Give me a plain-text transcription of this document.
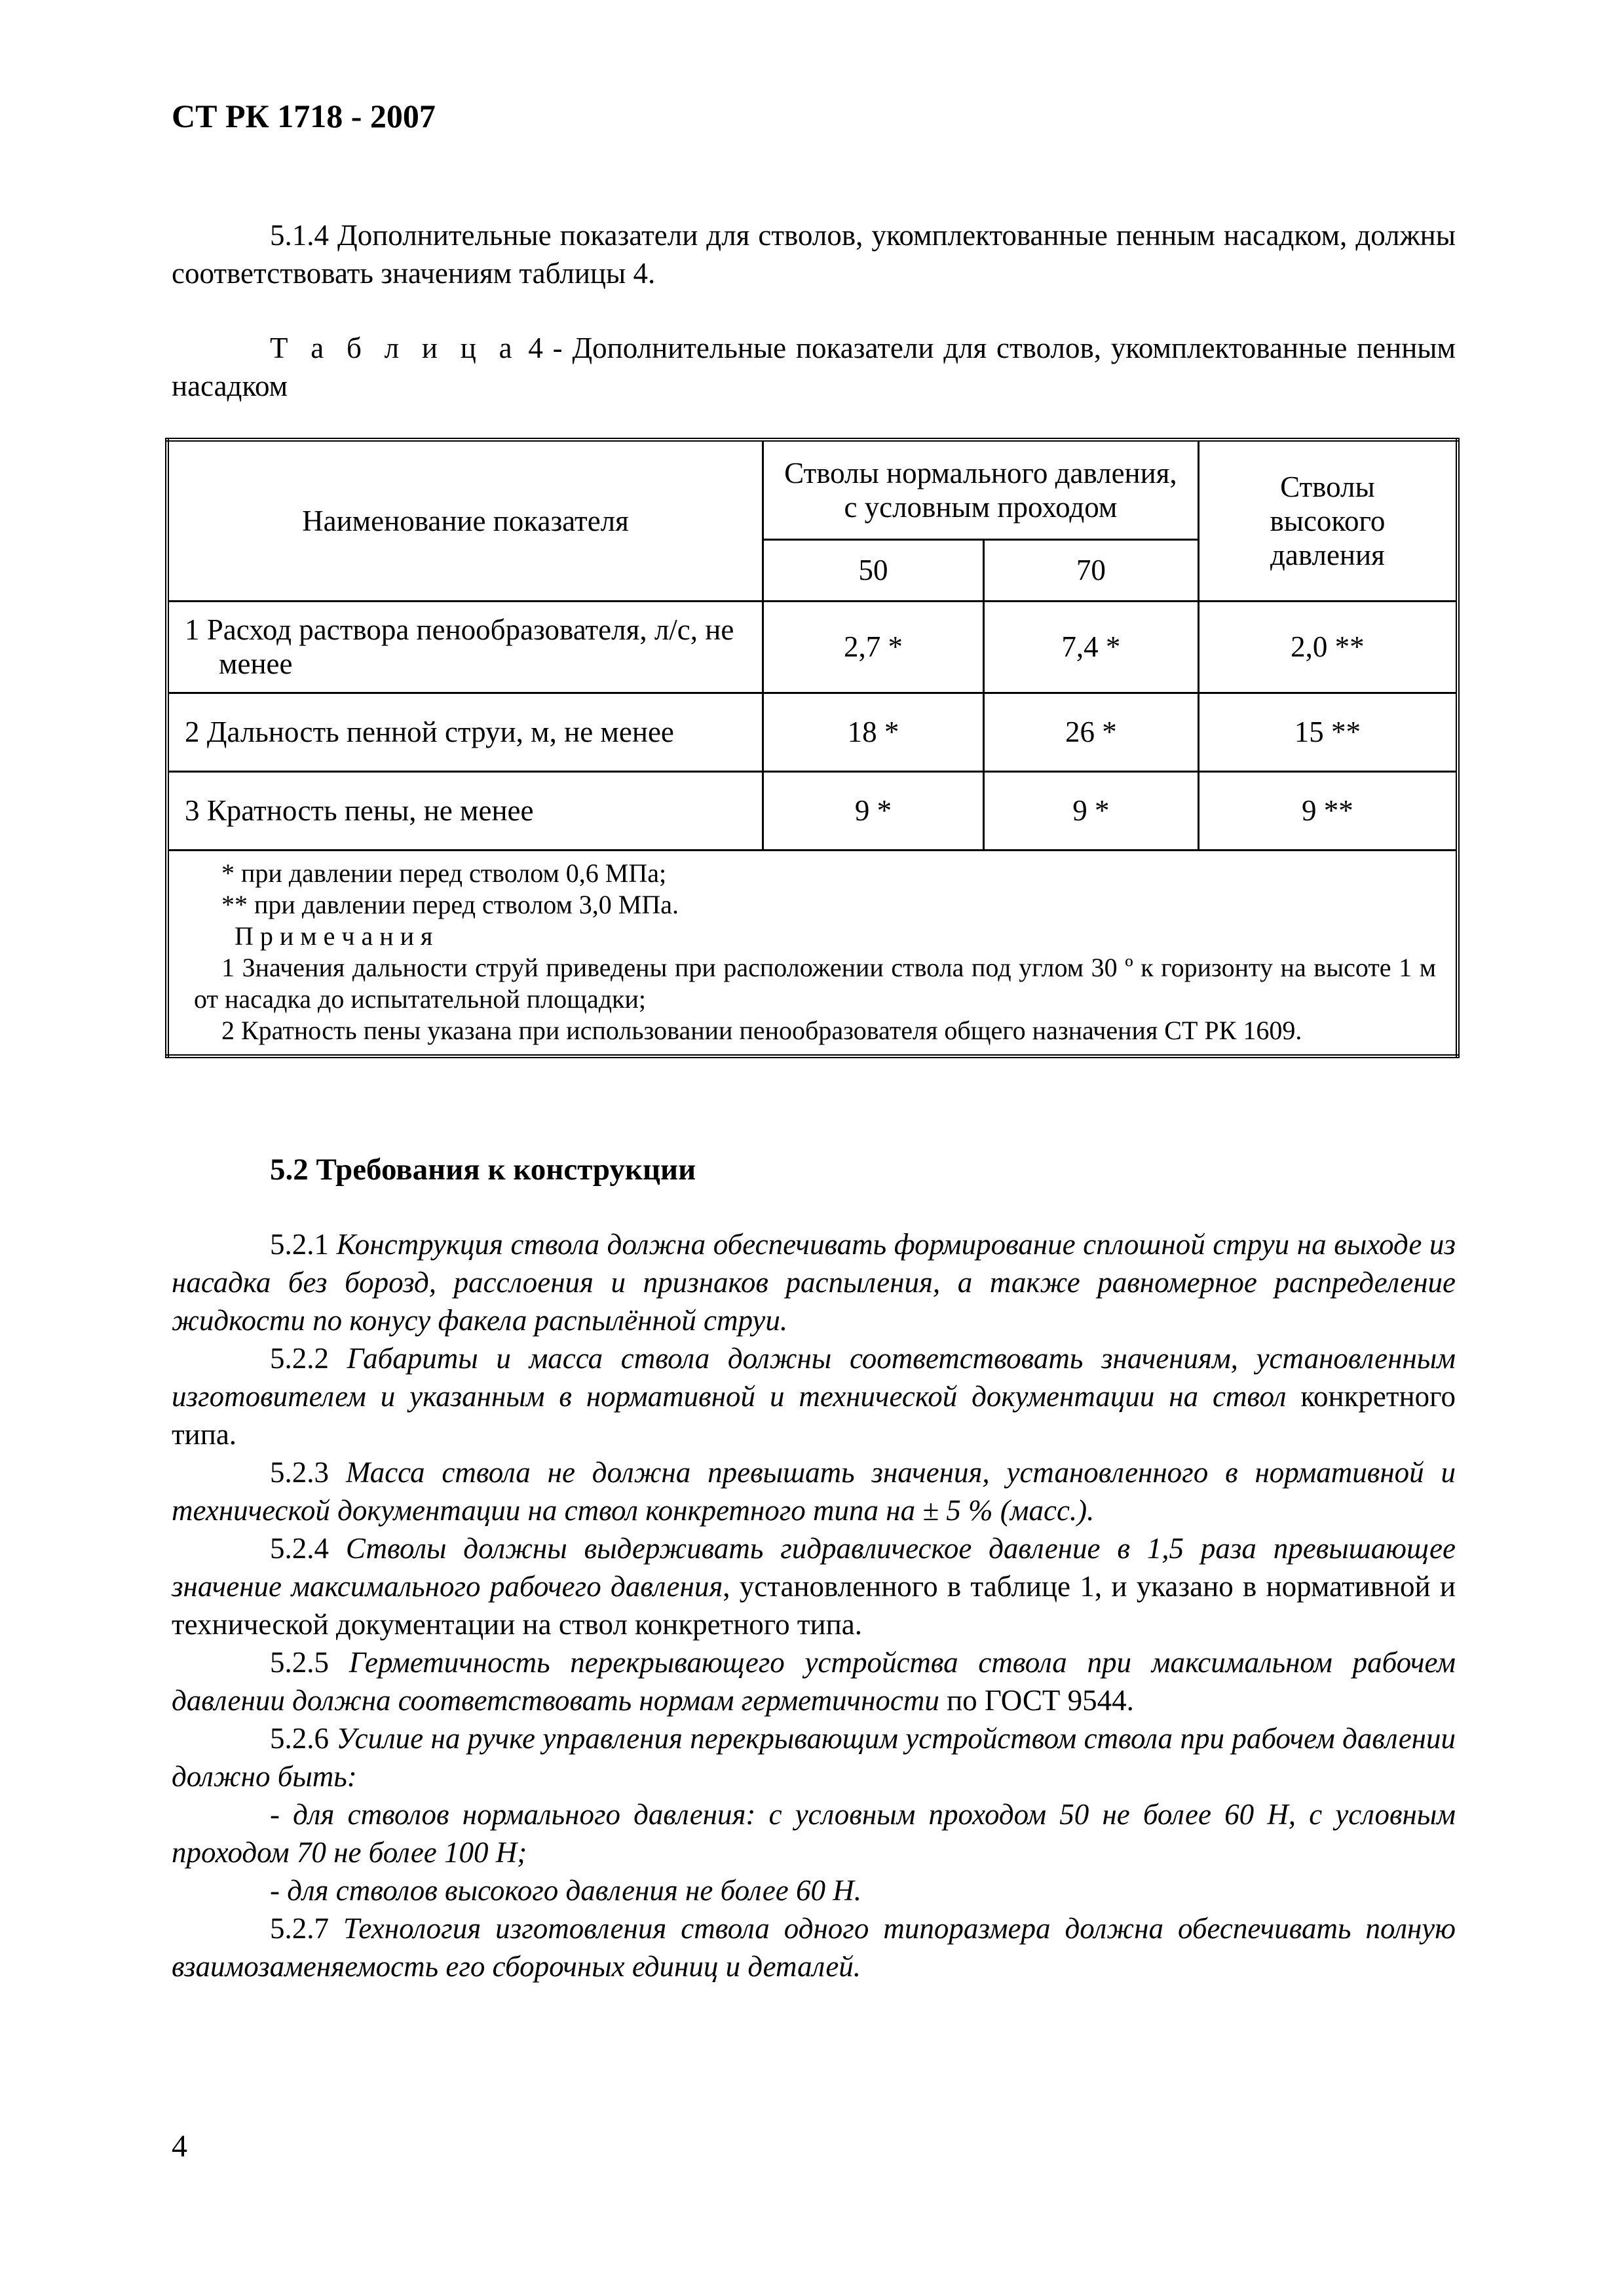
СТ РК 1718 - 2007
5.1.4 Дополнительные показатели для стволов, укомплектованные пенным насадком, должны соответствовать значениям таблицы 4.
Т а б л и ц а 4 - Дополнительные показатели для стволов, укомплектованные пенным насадком
Наименование показателя	Стволы нормального давления, с условным проходом		Стволы высокого давления
	50	70	

1 Расход раствора пенообразователя, л/с, не менее	2,7 *	7,4 *	2,0 **

2 Дальность пенной струи, м, не менее	18 *	26 *	15 **

3 Кратность пены, не менее	9 *	9 *	9 **

* при давлении перед стволом 0,6 МПа;
** при давлении перед стволом 3,0 МПа.
П р и м е ч а н и я
1 Значения дальности струй приведены при расположении ствола под углом 30 º к горизонту на высоте 1 м от насадка до испытательной площадки;
2 Кратность пены указана при использовании пенообразователя общего назначения СТ РК 1609.			
5.2 Требования к конструкции
5.2.1 Конструкция ствола должна обеспечивать формирование сплошной струи на выходе из насадка без борозд, расслоения и признаков распыления, а также равномерное распределение жидкости по конусу факела распылённой струи.
5.2.2 Габариты и масса ствола должны соответствовать значениям, установленным изготовителем и указанным в нормативной и технической документации на ствол конкретного типа.
5.2.3 Масса ствола не должна превышать значения, установленного в нормативной и технической документации на ствол конкретного типа на ± 5 % (масс.).
5.2.4 Стволы должны выдерживать гидравлическое давление в 1,5 раза превышающее значение максимального рабочего давления, установленного в таблице 1, и указано в нормативной и технической документации на ствол конкретного типа.
5.2.5 Герметичность перекрывающего устройства ствола при максимальном рабочем давлении должна соответствовать нормам герметичности по ГОСТ 9544.
5.2.6 Усилие на ручке управления перекрывающим устройством ствола при рабочем давлении должно быть:
- для стволов нормального давления: с условным проходом 50 не более 60 Н, с условным проходом 70 не более 100 Н;
- для стволов высокого давления не более 60 Н.
5.2.7 Технология изготовления ствола одного типоразмера должна обеспечивать полную взаимозаменяемость его сборочных единиц и деталей.
4
